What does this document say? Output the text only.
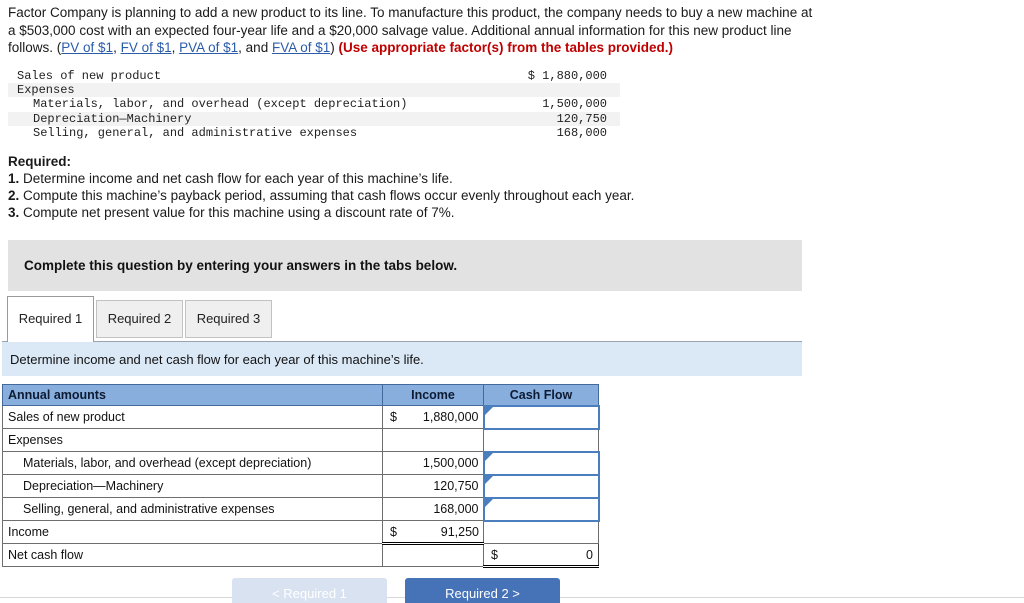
Factor Company is planning to add a new product to its line. To manufacture this product, the company needs to buy a new machine at
a $503,000 cost with an expected four-year life and a $20,000 salvage value. Additional annual information for this new product line
follows. (PV of $1, FV of $1, PVA of $1, and FVA of $1) (Use appropriate factor(s) from the tables provided.)
Sales of new product	$ 1,880,000
Expenses
Materials, labor, and overhead (except depreciation)	1,500,000
Depreciation—Machinery	120,750
Selling, general, and administrative expenses	168,000
Required:
1. Determine income and net cash flow for each year of this machine’s life.
2. Compute this machine’s payback period, assuming that cash flows occur evenly throughout each year.
3. Compute net present value for this machine using a discount rate of 7%.
Complete this question by entering your answers in the tabs below.
Required 1	Required 2	Required 3
Determine income and net cash flow for each year of this machine’s life.
Annual amounts	Income	Cash Flow
Sales of new product	$ 1,880,000

Expenses	

Materials, labor, and overhead (except depreciation)	1,500,000

Depreciation—Machinery	120,750

Selling, general, and administrative expenses	168,000

Income	$ 91,250	

Net cash flow		$ 0
< Required 1	Required 2 >
